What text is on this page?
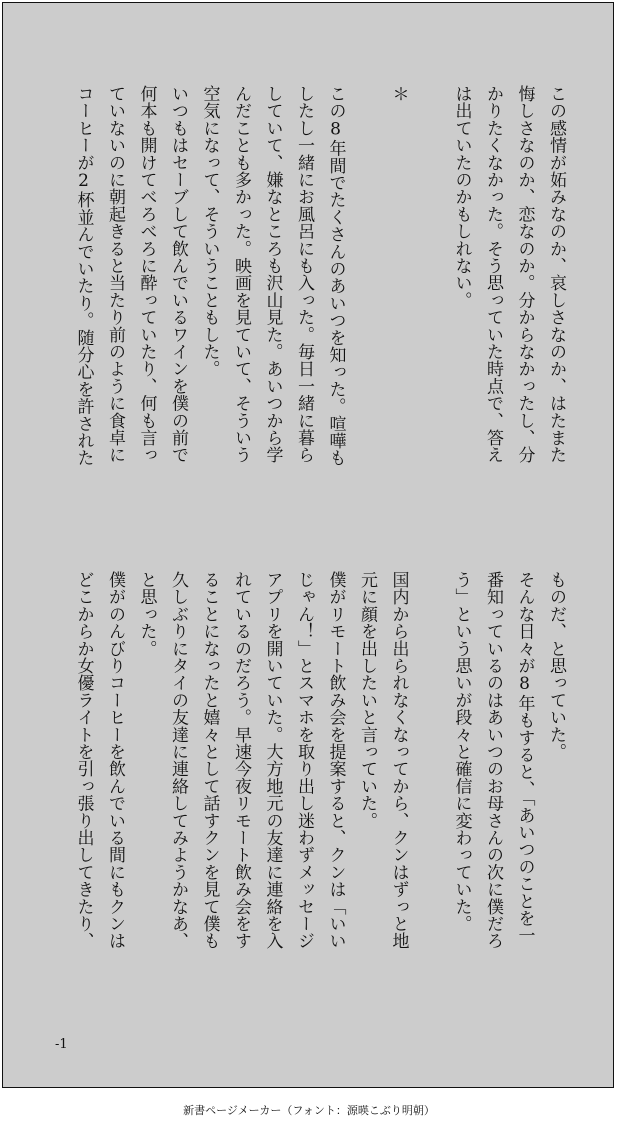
この感情が妬みなのか、哀しさなのか、はたまた
悔しさなのか、恋なのか。分からなかったし、分
かりたくなかった。そう思っていた時点で、答え
は出ていたのかもしれない。

＊

この8年間でたくさんのあいつを知った。喧嘩も
したし一緒にお風呂にも入った。毎日一緒に暮ら
していて、嫌なところも沢山見た。あいつから学
んだことも多かった。映画を見ていて、そういう
空気になって、そういうこともした。
いつもはセーブして飲んでいるワインを僕の前で
何本も開けてべろべろに酔っていたり、何も言っ
ていないのに朝起きると当たり前のように食卓に
コーヒーが2杯並んでいたり。随分心を許された
ものだ、と思っていた。
そんな日々が8年もすると、「あいつのことを一
番知っているのはあいつのお母さんの次に僕だろ
う」という思いが段々と確信に変わっていた。

国内から出られなくなってから、クンはずっと地
元に顔を出したいと言っていた。
僕がリモート飲み会を提案すると、クンは「いい
じゃん！」とスマホを取り出し迷わずメッセージ
アプリを開いていた。大方地元の友達に連絡を入
れているのだろう。早速今夜リモート飲み会をす
ることになったと嬉々として話すクンを見て僕も
久しぶりにタイの友達に連絡してみようかなあ、
と思った。
僕がのんびりコーヒーを飲んでいる間にもクンは
どこからか女優ライトを引っ張り出してきたり、
-1
新書ページメーカー（フォント：源暎こぶり明朝）
